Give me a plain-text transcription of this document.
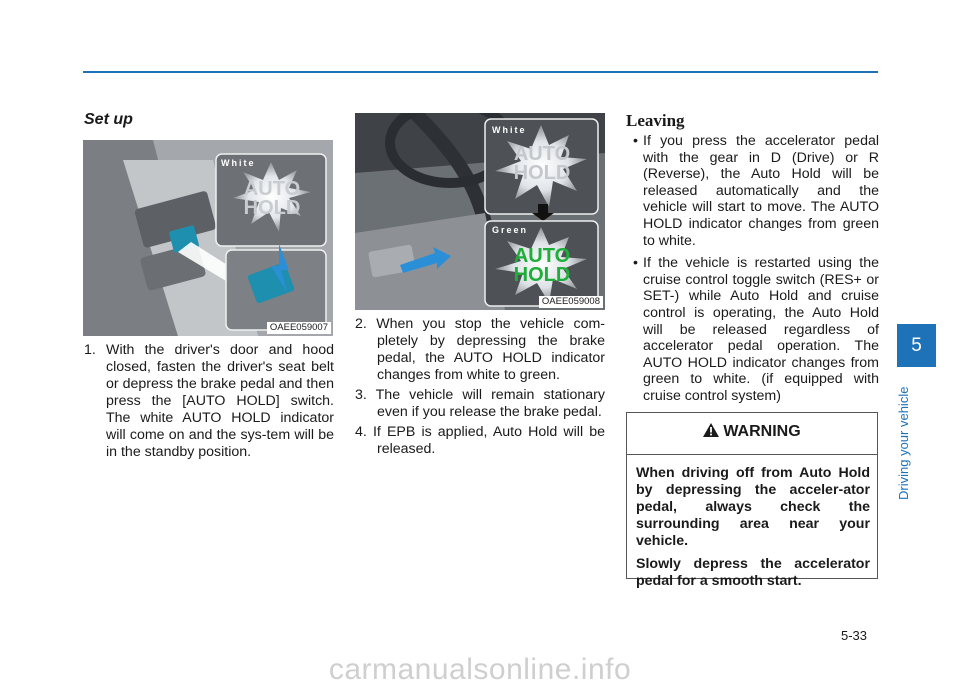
Set up
White
AUTO
HOLD
OAEE059007
1. With the driver's door and hood closed, fasten the driver's seat belt or depress the brake pedal and then press the [AUTO HOLD] switch. The white AUTO HOLD indicator will come on and the sys-tem will be in the standby position.
White
AUTO
HOLD
Green
AUTO
HOLD
OAEE059008
2. When you stop the vehicle com-pletely by depressing the brake pedal, the AUTO HOLD indicator changes from white to green.
3. The vehicle will remain stationary even if you release the brake pedal.
4. If EPB is applied, Auto Hold will be released.
Leaving
• If you press the accelerator pedal with the gear in D (Drive) or R (Reverse), the Auto Hold will be released automatically and the vehicle will start to move. The AUTO HOLD indicator changes from green to white.
• If the vehicle is restarted using the cruise control toggle switch (RES+ or SET-) while Auto Hold and cruise control is operating, the Auto Hold will be released regardless of accelerator pedal operation. The AUTO HOLD indicator changes from green to white. (if equipped with cruise control system)
WARNING

When driving off from Auto Hold by depressing the acceler-ator pedal, always check the surrounding area near your vehicle.

Slowly depress the accelerator pedal for a smooth start.

5
Driving your vehicle
5-33
carmanualsonline.info
